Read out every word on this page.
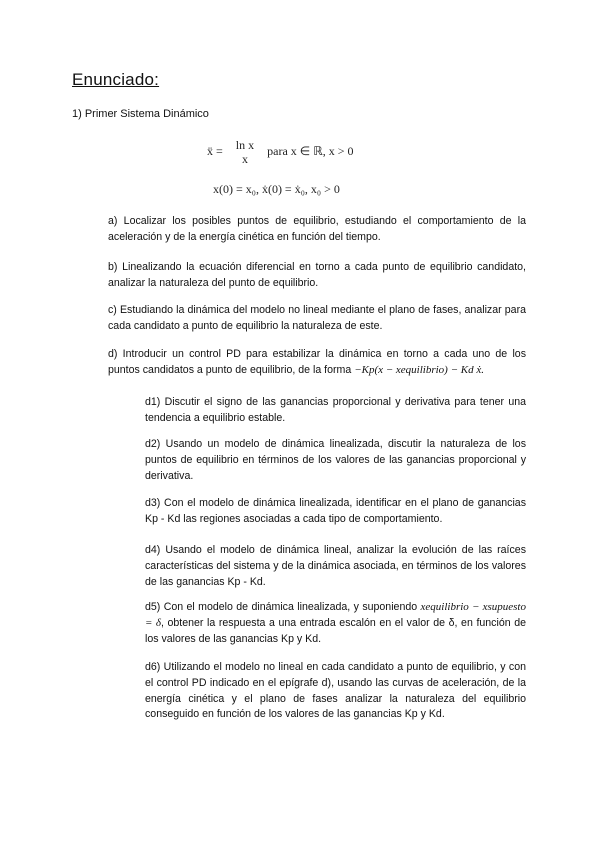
Enunciado:
1) Primer Sistema Dinámico
ẍ = ln x
x
para x ∈ ℝ, x > 0
x(0) = x₀, ẋ(0) = ẋ₀, x₀ > 0
a) Localizar los posibles puntos de equilibrio, estudiando el comportamiento de la aceleración y de la energía cinética en función del tiempo.
b) Linealizando la ecuación diferencial en torno a cada punto de equilibrio candidato, analizar la naturaleza del punto de equilibrio.
c) Estudiando la dinámica del modelo no lineal mediante el plano de fases, analizar para cada candidato a punto de equilibrio la naturaleza de este.
d) Introducir un control PD para estabilizar la dinámica en torno a cada uno de los puntos candidatos a punto de equilibrio, de la forma −Kp(x − xequilibrio) − Kd ẋ.
d1) Discutir el signo de las ganancias proporcional y derivativa para tener una tendencia a equilibrio estable.
d2) Usando un modelo de dinámica linealizada, discutir la naturaleza de los puntos de equilibrio en términos de los valores de las ganancias proporcional y derivativa.
d3) Con el modelo de dinámica linealizada, identificar en el plano de ganancias Kp - Kd las regiones asociadas a cada tipo de comportamiento.
d4) Usando el modelo de dinámica lineal, analizar la evolución de las raíces características del sistema y de la dinámica asociada, en términos de los valores de las ganancias Kp - Kd.
d5) Con el modelo de dinámica linealizada, y suponiendo xequilibrio − xsupuesto = δ, obtener la respuesta a una entrada escalón en el valor de δ, en función de los valores de las ganancias Kp y Kd.
d6) Utilizando el modelo no lineal en cada candidato a punto de equilibrio, y con el control PD indicado en el epígrafe d), usando las curvas de aceleración, de la energía cinética y el plano de fases analizar la naturaleza del equilibrio conseguido en función de los valores de las ganancias Kp y Kd.
